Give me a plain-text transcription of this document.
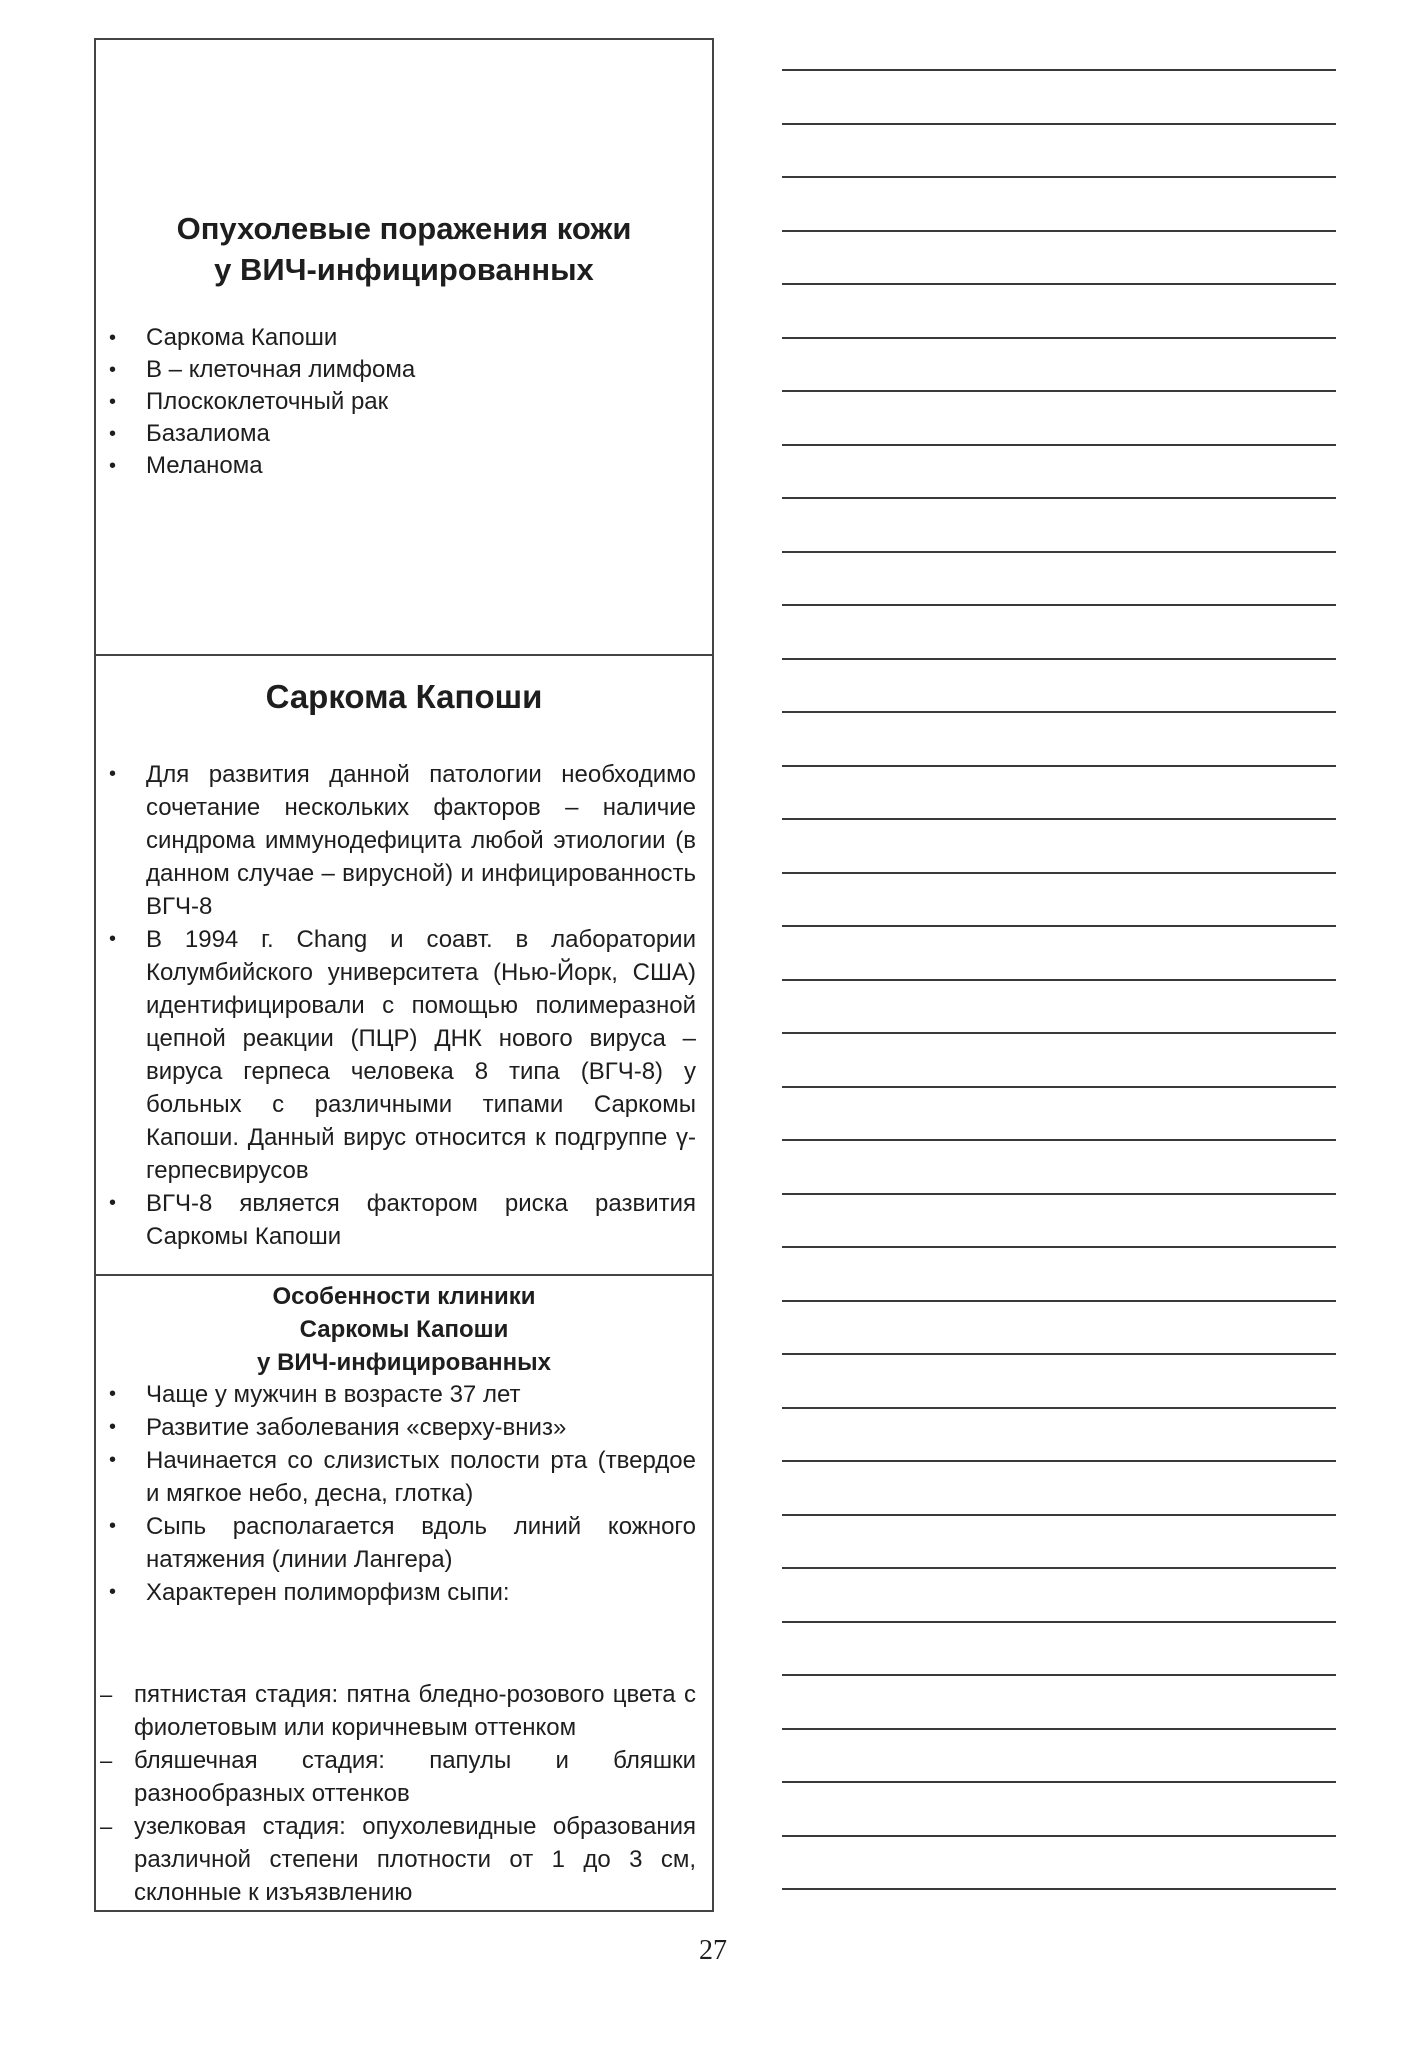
Опухолевые поражения кожи
у ВИЧ-инфицированных
• Саркома Капоши
• В – клеточная лимфома
• Плоскоклеточный рак
• Базалиома
• Меланома
Саркома Капоши
• Для развития данной патологии необходимо сочетание нескольких факторов – наличие синдрома иммунодефицита любой этиологии (в данном случае – вирусной) и инфицированность ВГЧ-8
• В 1994 г. Chang и соавт. в лаборатории Колумбийского университета (Нью-Йорк, США) идентифицировали с помощью полимеразной цепной реакции (ПЦР) ДНК нового вируса – вируса герпеса человека 8 типа (ВГЧ-8) у больных с различными типами Саркомы Капоши. Данный вирус относится к подгруппе γ-герпесвирусов
• ВГЧ-8 является фактором риска развития Саркомы Капоши
Особенности клиники
Саркомы Капоши
у ВИЧ-инфицированных
• Чаще у мужчин в возрасте 37 лет
• Развитие заболевания «сверху-вниз»
• Начинается со слизистых полости рта (твердое и мягкое небо, десна, глотка)
• Сыпь располагается вдоль линий кожного натяжения (линии Лангера)
• Характерен полиморфизм сыпи:
– пятнистая стадия: пятна бледно-розового цвета с фиолетовым или коричневым оттенком
– бляшечная стадия: папулы и бляшки разнообразных оттенков
– узелковая стадия: опухолевидные образования различной степени плотности от 1 до 3 см, склонные к изъязвлению
27
